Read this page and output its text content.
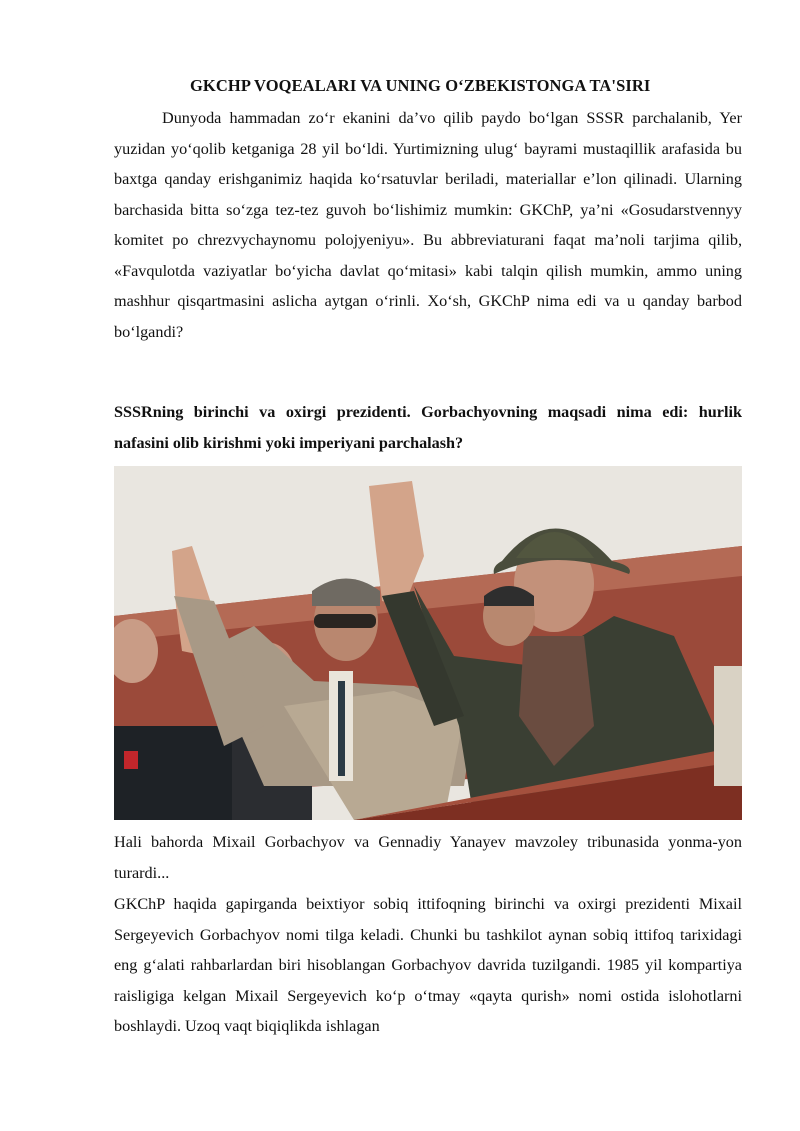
GKCHP VOQEALARI VA UNING O‘ZBEKISTONGA TA'SIRI

Dunyoda hammadan zo‘r ekanini da’vo qilib paydo bo‘lgan SSSR parchalanib, Yer yuzidan yo‘qolib ketganiga 28 yil bo‘ldi. Yurtimizning ulug‘ bayrami mustaqillik arafasida bu baxtga qanday erishganimiz haqida ko‘rsatuvlar beriladi, materiallar e’lon qilinadi. Ularning barchasida bitta so‘zga tez-tez guvoh bo‘lishimiz mumkin: GKChP, ya’ni «Gosudarstvennyy komitet po chrezvychaynomu polojyeniyu». Bu abbreviaturani faqat ma’noli tarjima qilib, «Favqulotda vaziyatlar bo‘yicha davlat qo‘mitasi» kabi talqin qilish mumkin, ammo uning mashhur qisqartmasini aslicha aytgan o‘rinli. Xo‘sh, GKChP nima edi va u qanday barbod bo‘lgandi?

SSSRning birinchi va oxirgi prezidenti. Gorbachyovning maqsadi nima edi: hurlik nafasini olib kirishmi yoki imperiyani parchalash?

Hali bahorda Mixail Gorbachyov va Gennadiy Yanayev mavzoley tribunasida yonma-yon turardi...

GKChP haqida gapirganda beixtiyor sobiq ittifoqning birinchi va oxirgi prezidenti Mixail Sergeyevich Gorbachyov nomi tilga keladi. Chunki bu tashkilot aynan sobiq ittifoq tarixidagi eng g‘alati rahbarlardan biri hisoblangan Gorbachyov davrida tuzilgandi. 1985 yil kompartiya raisligiga kelgan Mixail Sergeyevich ko‘p o‘tmay «qayta qurish» nomi ostida islohotlarni boshlaydi. Uzoq vaqt biqiqlikda ishlagan
